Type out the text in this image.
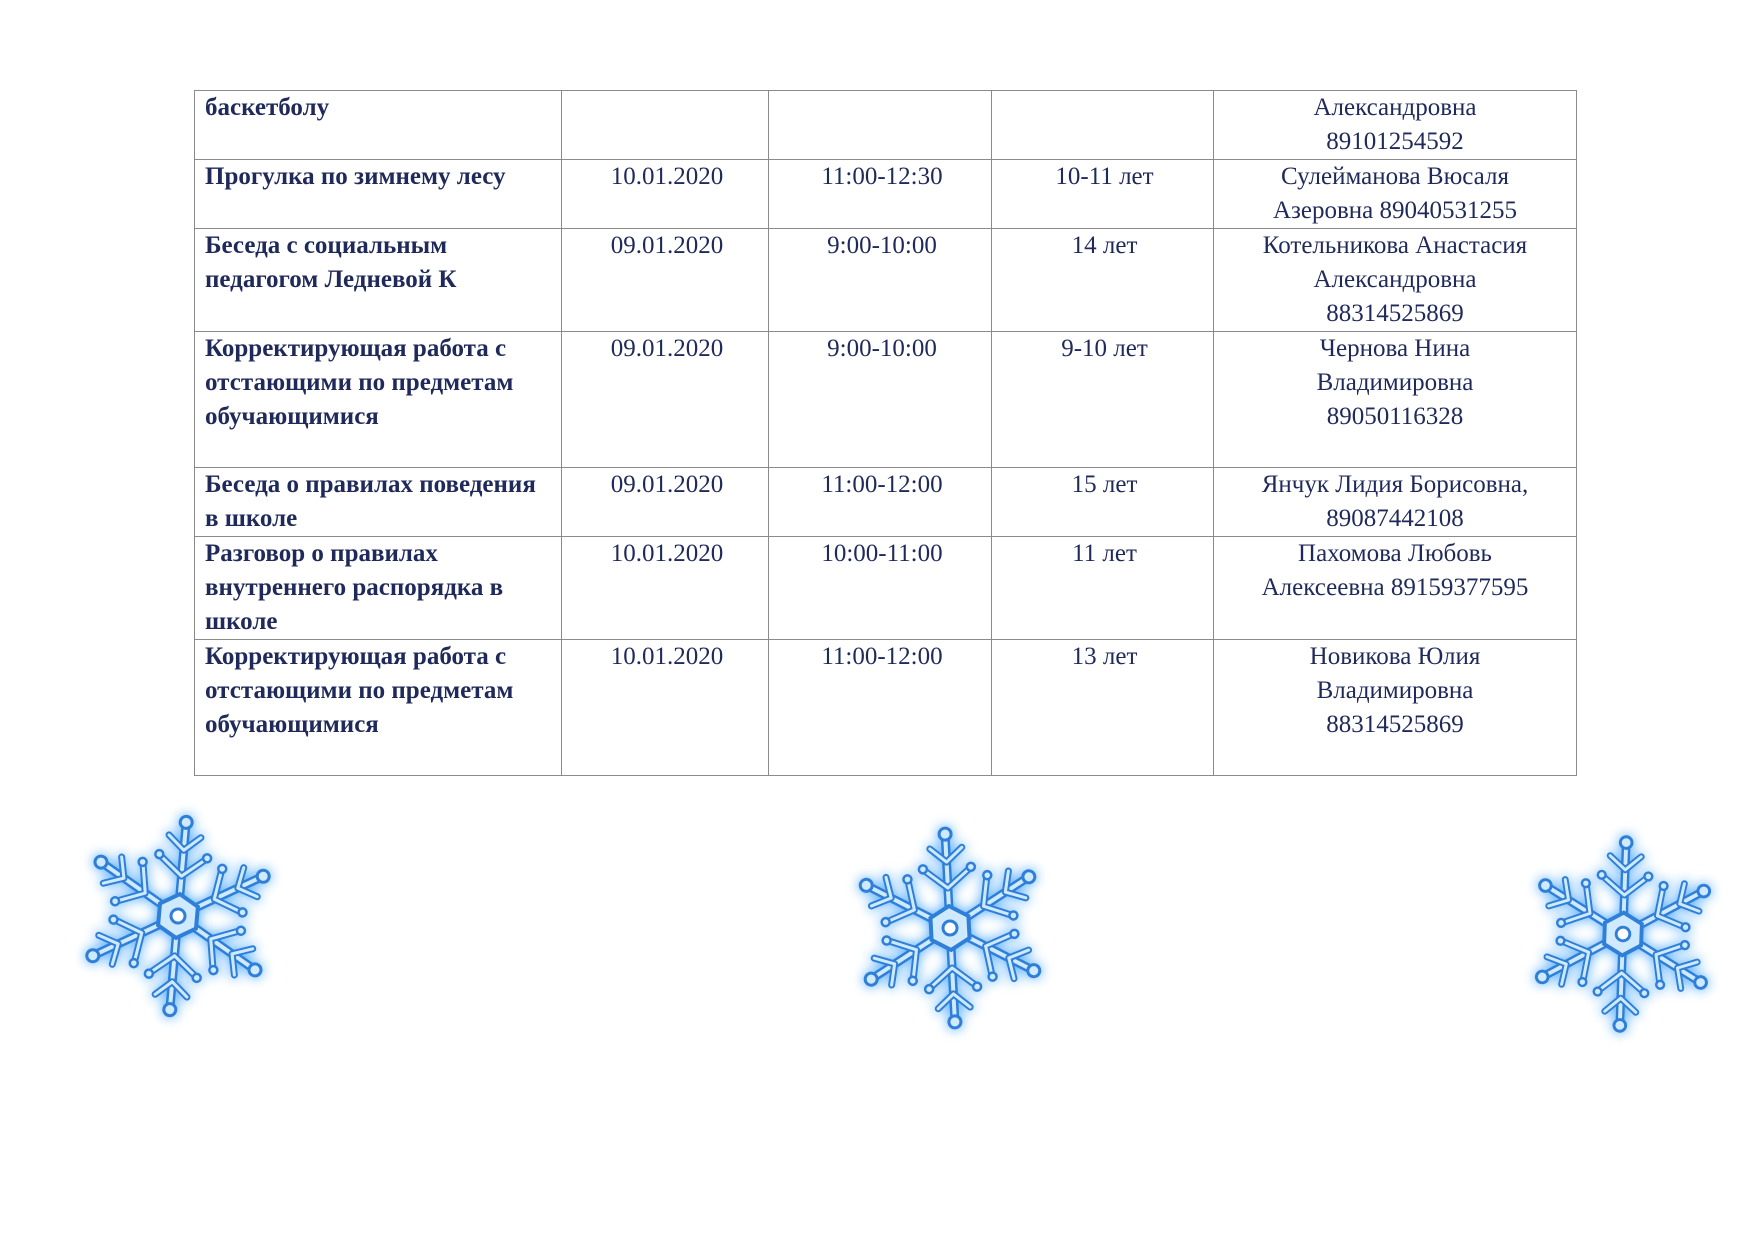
баскетболу				Александровна
89101254592

Прогулка по зимнему лесу	10.01.2020	11:00-12:30	10-11 лет	Сулейманова Вюсаля
Азеровна 89040531255

Беседа с социальным педагогом Ледневой К	09.01.2020	9:00-10:00	14 лет	Котельникова Анастасия
Александровна
88314525869

Корректирующая работа с отстающими по предметам обучающимися	09.01.2020	9:00-10:00	9-10 лет	Чернова Нина
Владимировна
89050116328

Беседа о правилах поведения в школе	09.01.2020	11:00-12:00	15 лет	Янчук Лидия Борисовна,
89087442108

Разговор о правилах внутреннего распорядка в школе	10.01.2020	10:00-11:00	11 лет	Пахомова Любовь
Алексеевна 89159377595

Корректирующая работа с отстающими по предметам обучающимися	10.01.2020	11:00-12:00	13 лет	Новикова Юлия
Владимировна
88314525869
